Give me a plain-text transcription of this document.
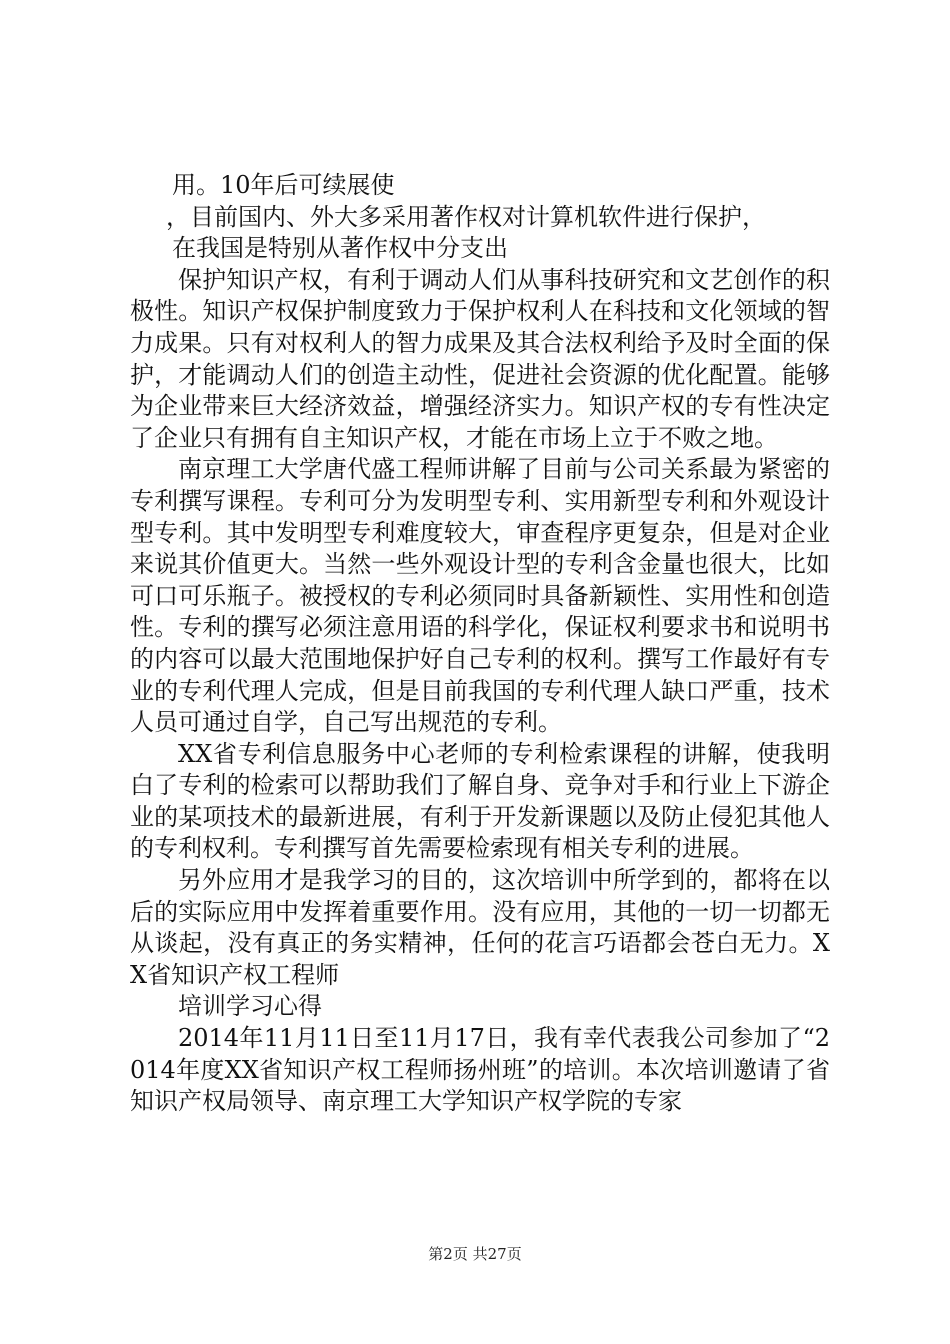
用。10年后可续展使

，目前国内、外大多采用著作权对计算机软件进行保护，

在我国是特别从著作权中分支出

保护知识产权，有利于调动人们从事科技研究和文艺创作的积极性。知识产权保护制度致力于保护权利人在科技和文化领域的智力成果。只有对权利人的智力成果及其合法权利给予及时全面的保护，才能调动人们的创造主动性，促进社会资源的优化配置。能够为企业带来巨大经济效益，增强经济实力。知识产权的专有性决定了企业只有拥有自主知识产权，才能在市场上立于不败之地。

南京理工大学唐代盛工程师讲解了目前与公司关系最为紧密的专利撰写课程。专利可分为发明型专利、实用新型专利和外观设计型专利。其中发明型专利难度较大，审查程序更复杂，但是对企业来说其价值更大。当然一些外观设计型的专利含金量也很大，比如可口可乐瓶子。被授权的专利必须同时具备新颖性、实用性和创造性。专利的撰写必须注意用语的科学化，保证权利要求书和说明书的内容可以最大范围地保护好自己专利的权利。撰写工作最好有专业的专利代理人完成，但是目前我国的专利代理人缺口严重，技术人员可通过自学，自己写出规范的专利。

XX省专利信息服务中心老师的专利检索课程的讲解，使我明白了专利的检索可以帮助我们了解自身、竞争对手和行业上下游企业的某项技术的最新进展，有利于开发新课题以及防止侵犯其他人的专利权利。专利撰写首先需要检索现有相关专利的进展。

另外应用才是我学习的目的，这次培训中所学到的，都将在以后的实际应用中发挥着重要作用。没有应用，其他的一切一切都无从谈起，没有真正的务实精神，任何的花言巧语都会苍白无力。XX省知识产权工程师

培训学习心得

2014年11月11日至11月17日，我有幸代表我公司参加了“2014年度XX省知识产权工程师扬州班”的培训。本次培训邀请了省知识产权局领导、南京理工大学知识产权学院的专家

第2页 共27页
